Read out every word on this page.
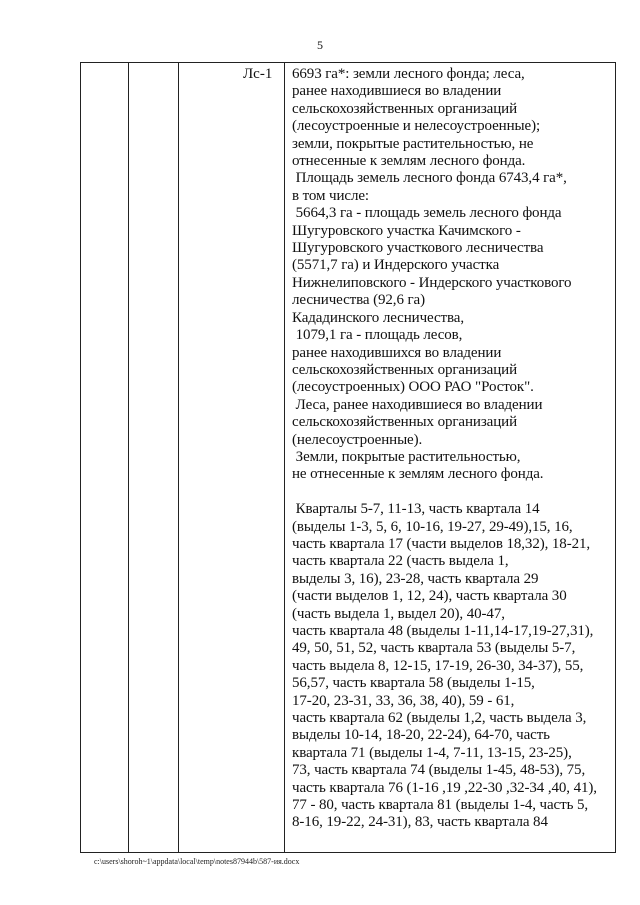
5
Лс-1 6693 га*: земли лесного фонда; леса,
ранее находившиеся во владении
сельскохозяйственных организаций
(лесоустроенные и нелесоустроенные);
земли, покрытые растительностью, не
отнесенные к землям лесного фонда.
Площадь земель лесного фонда 6743,4 га*,
в том числе:
5664,3 га - площадь земель лесного фонда
Шугуровского участка Качимского -
Шугуровского участкового лесничества
(5571,7 га) и Индерского участка
Нижнелиповского - Индерского участкового
лесничества (92,6 га)
Кададинского лесничества,
1079,1 га - площадь лесов,
ранее находившихся во владении
сельскохозяйственных организаций
(лесоустроенных) ООО РАО "Росток".
Леса, ранее находившиеся во владении
сельскохозяйственных организаций
(нелесоустроенные).
Земли, покрытые растительностью,
не отнесенные к землям лесного фонда.
Кварталы 5-7, 11-13, часть квартала 14
(выделы 1-3, 5, 6, 10-16, 19-27, 29-49),15, 16,
часть квартала 17 (части выделов 18,32), 18-21,
часть квартала 22 (часть выдела 1,
выделы 3, 16), 23-28, часть квартала 29
(части выделов 1, 12, 24), часть квартала 30
(часть выдела 1, выдел 20), 40-47,
часть квартала 48 (выделы 1-11,14-17,19-27,31),
49, 50, 51, 52, часть квартала 53 (выделы 5-7,
часть выдела 8, 12-15, 17-19, 26-30, 34-37), 55,
56,57, часть квартала 58 (выделы 1-15,
17-20, 23-31, 33, 36, 38, 40), 59 - 61,
часть квартала 62 (выделы 1,2, часть выдела 3,
выделы 10-14, 18-20, 22-24), 64-70, часть
квартала 71 (выделы 1-4, 7-11, 13-15, 23-25),
73, часть квартала 74 (выделы 1-45, 48-53), 75,
часть квартала 76 (1-16 ,19 ,22-30 ,32-34 ,40, 41),
77 - 80, часть квартала 81 (выделы 1-4, часть 5,
8-16, 19-22, 24-31), 83, часть квартала 84
c:\users\shoroh~1\appdata\local\temp\notes87944b\587-ия.docx
